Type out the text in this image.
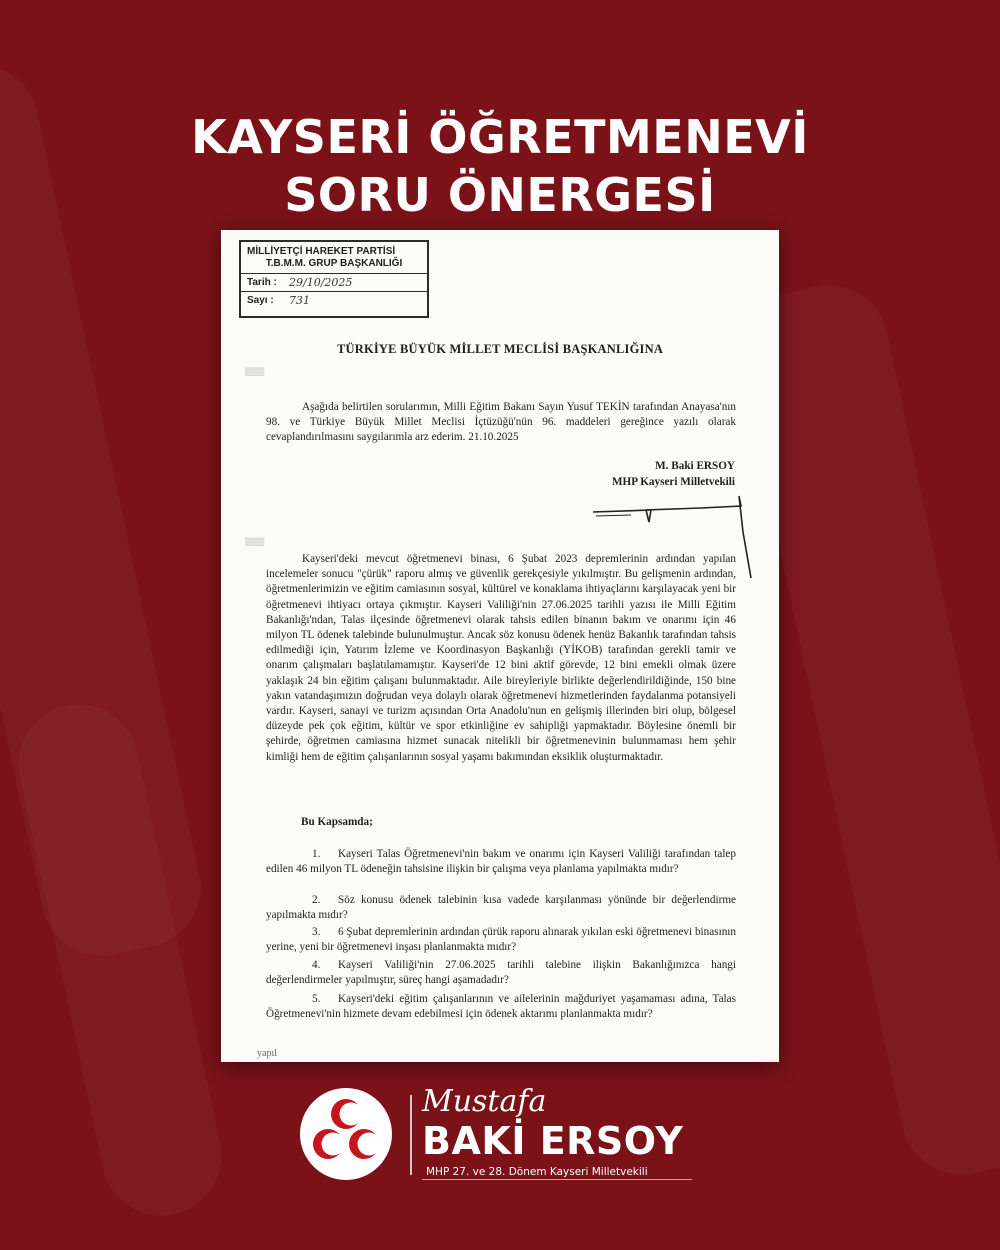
KAYSERİ ÖĞRETMENEVİ
SORU ÖNERGESİ
MİLLİYETÇİ HAREKET PARTİSİ
T.B.M.M. GRUP BAŞKANLIĞI
Tarih :	29/10/2025
Sayı :	731
TÜRKİYE BÜYÜK MİLLET MECLİSİ BAŞKANLIĞINA
▒▒▒▒
Aşağıda belirtilen sorularımın, Milli Eğitim Bakanı Sayın Yusuf TEKİN tarafından Anayasa'nın 98. ve Türkiye Büyük Millet Meclisi İçtüzüğü'nün 96. maddeleri gereğince yazılı olarak cevaplandırılmasını saygılarımla arz ederim. 21.10.2025
M. Baki ERSOY
MHP Kayseri Milletvekili
▒▒▒▒
Kayseri'deki mevcut öğretmenevi binası, 6 Şubat 2023 depremlerinin ardından yapılan incelemeler sonucu "çürük" raporu almış ve güvenlik gerekçesiyle yıkılmıştır. Bu gelişmenin ardından, öğretmenlerimizin ve eğitim camiasının sosyal, kültürel ve konaklama ihtiyaçlarını karşılayacak yeni bir öğretmenevi ihtiyacı ortaya çıkmıştır. Kayseri Valiliği'nin 27.06.2025 tarihli yazısı ile Milli Eğitim Bakanlığı'ndan, Talas ilçesinde öğretmenevi olarak tahsis edilen binanın bakım ve onarımı için 46 milyon TL ödenek talebinde bulunulmuştur. Ancak söz konusu ödenek henüz Bakanlık tarafından tahsis edilmediği için, Yatırım İzleme ve Koordinasyon Başkanlığı (YİKOB) tarafından gerekli tamir ve onarım çalışmaları başlatılamamıştır. Kayseri'de 12 bini aktif görevde, 12 bini emekli olmak üzere yaklaşık 24 bin eğitim çalışanı bulunmaktadır. Aile bireyleriyle birlikte değerlendirildiğinde, 150 bine yakın vatandaşımızın doğrudan veya dolaylı olarak öğretmenevi hizmetlerinden faydalanma potansiyeli vardır. Kayseri, sanayi ve turizm açısından Orta Anadolu'nun en gelişmiş illerinden biri olup, bölgesel düzeyde pek çok eğitim, kültür ve spor etkinliğine ev sahipliği yapmaktadır. Böylesine önemli bir şehirde, öğretmen camiasına hizmet sunacak nitelikli bir öğretmenevinin bulunmaması hem şehir kimliği hem de eğitim çalışanlarının sosyal yaşamı bakımından eksiklik oluşturmaktadır.
Bu Kapsamda;
1. Kayseri Talas Öğretmenevi'nin bakım ve onarımı için Kayseri Valiliği tarafından talep edilen 46 milyon TL ödeneğin tahsisine ilişkin bir çalışma veya planlama yapılmakta mıdır?
2. Söz konusu ödenek talebinin kısa vadede karşılanması yönünde bir değerlendirme yapılmakta mıdır?
3. 6 Şubat depremlerinin ardından çürük raporu alınarak yıkılan eski öğretmenevi binasının yerine, yeni bir öğretmenevi inşası planlanmakta mıdır?
4. Kayseri Valiliği'nin 27.06.2025 tarihli talebine ilişkin Bakanlığınızca hangi değerlendirmeler yapılmıştır, süreç hangi aşamadadır?
5. Kayseri'deki eğitim çalışanlarının ve ailelerinin mağduriyet yaşamaması adına, Talas Öğretmenevi'nin hizmete devam edebilmesi için ödenek aktarımı planlanmakta mıdır?
yapıl
Mustafa
BAKİ ERSOY
MHP 27. ve 28. Dönem Kayseri Milletvekili
